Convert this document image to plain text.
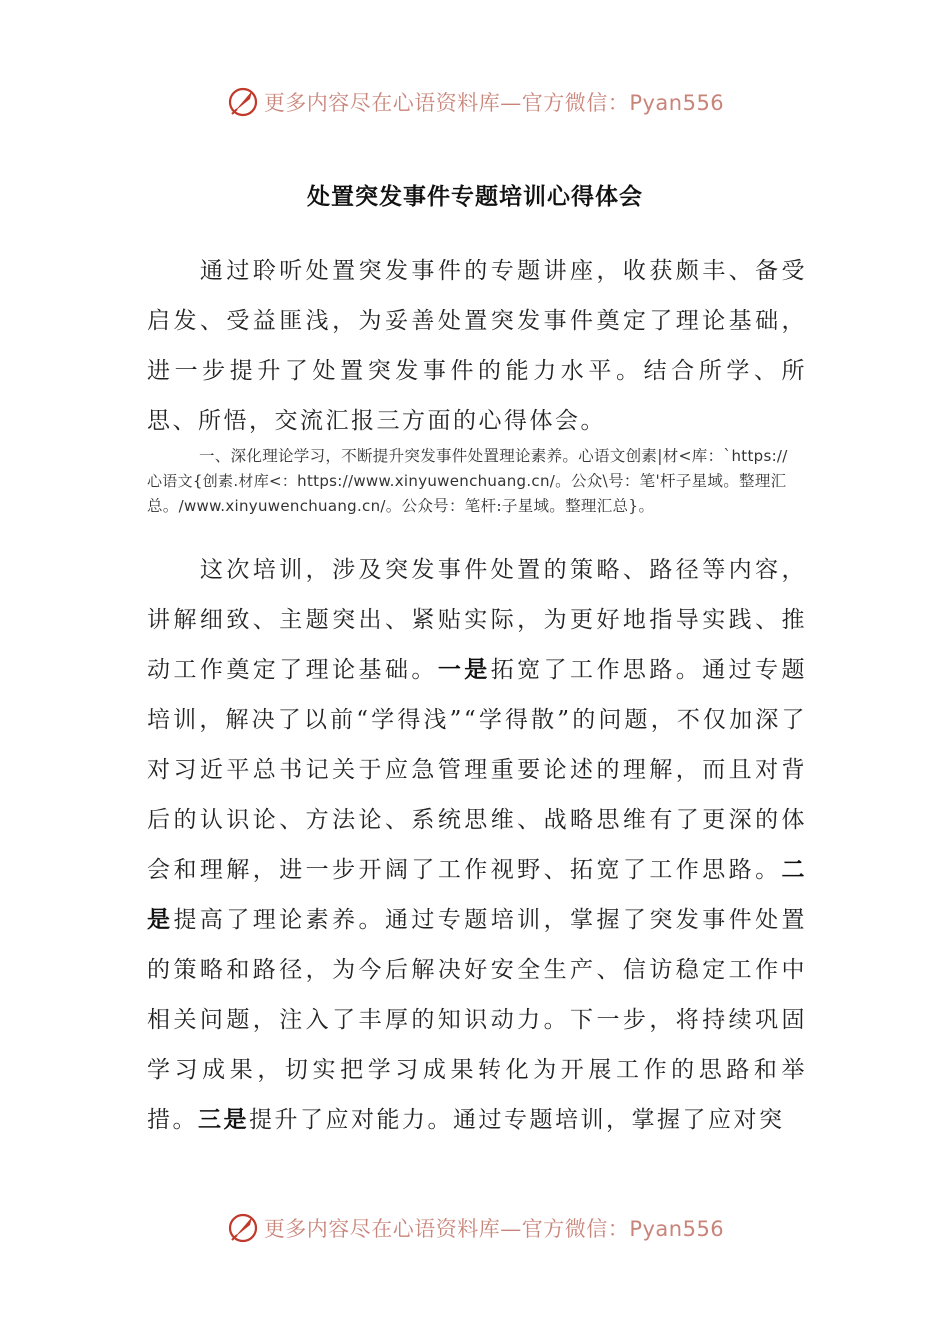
更多内容尽在心语资料库—官方微信：Pyan556
处置突发事件专题培训心得体会

通过聆听处置突发事件的专题讲座，收获颇丰、备受启发、受益匪浅，为妥善处置突发事件奠定了理论基础，进一步提升了处置突发事件的能力水平。结合所学、所思、所悟，交流汇报三方面的心得体会。

一、深化理论学习，不断提升突发事件处置理论素养。心语文创素|材<库：`https://心语文{创素.材库<：https://www.xinyuwenchuang.cn/。公众\号：笔'杆子星域。整理汇总。/www.xinyuwenchuang.cn/。公众号：笔杆:子星域。整理汇总}。

这次培训，涉及突发事件处置的策略、路径等内容，讲解细致、主题突出、紧贴实际，为更好地指导实践、推动工作奠定了理论基础。一是拓宽了工作思路。通过专题培训，解决了以前“学得浅”“学得散”的问题，不仅加深了对习近平总书记关于应急管理重要论述的理解，而且对背后的认识论、方法论、系统思维、战略思维有了更深的体会和理解，进一步开阔了工作视野、拓宽了工作思路。二是提高了理论素养。通过专题培训，掌握了突发事件处置的策略和路径，为今后解决好安全生产、信访稳定工作中相关问题，注入了丰厚的知识动力。下一步，将持续巩固学习成果，切实把学习成果转化为开展工作的思路和举措。三是提升了应对能力。通过专题培训，掌握了应对突

更多内容尽在心语资料库—官方微信：Pyan556
